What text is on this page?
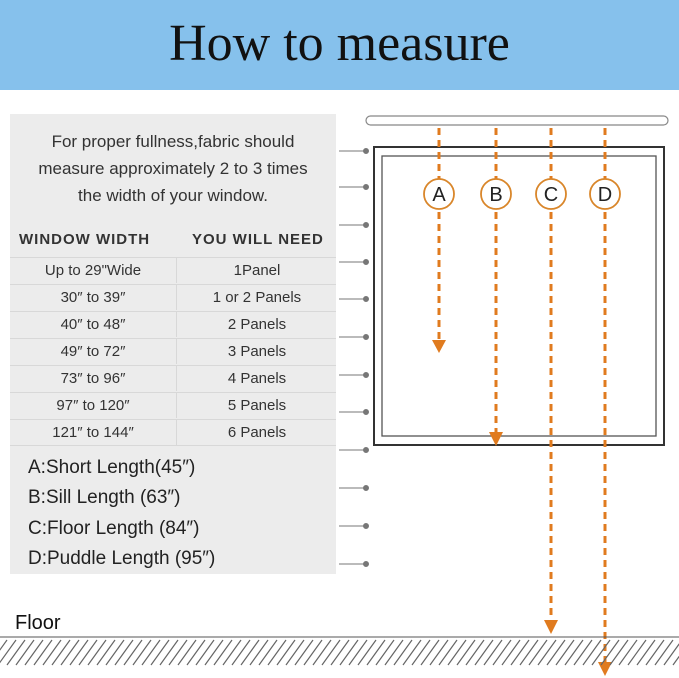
How to measure
For proper fullness,fabric should
measure approximately 2 to 3 times
the width of your window.
WINDOW WIDTH	YOU WILL NEED
Up to 29"Wide	1Panel
30″ to 39″	1 or 2 Panels
40″ to 48″	2 Panels
49″ to 72″	3 Panels
73″ to 96″	4 Panels
97″ to 120″	5 Panels
121″ to 144″	6 Panels
A:Short Length(45″)
B:Sill Length (63″)
C:Floor Length (84″)
D:Puddle Length (95″)
Floor
A B C D
